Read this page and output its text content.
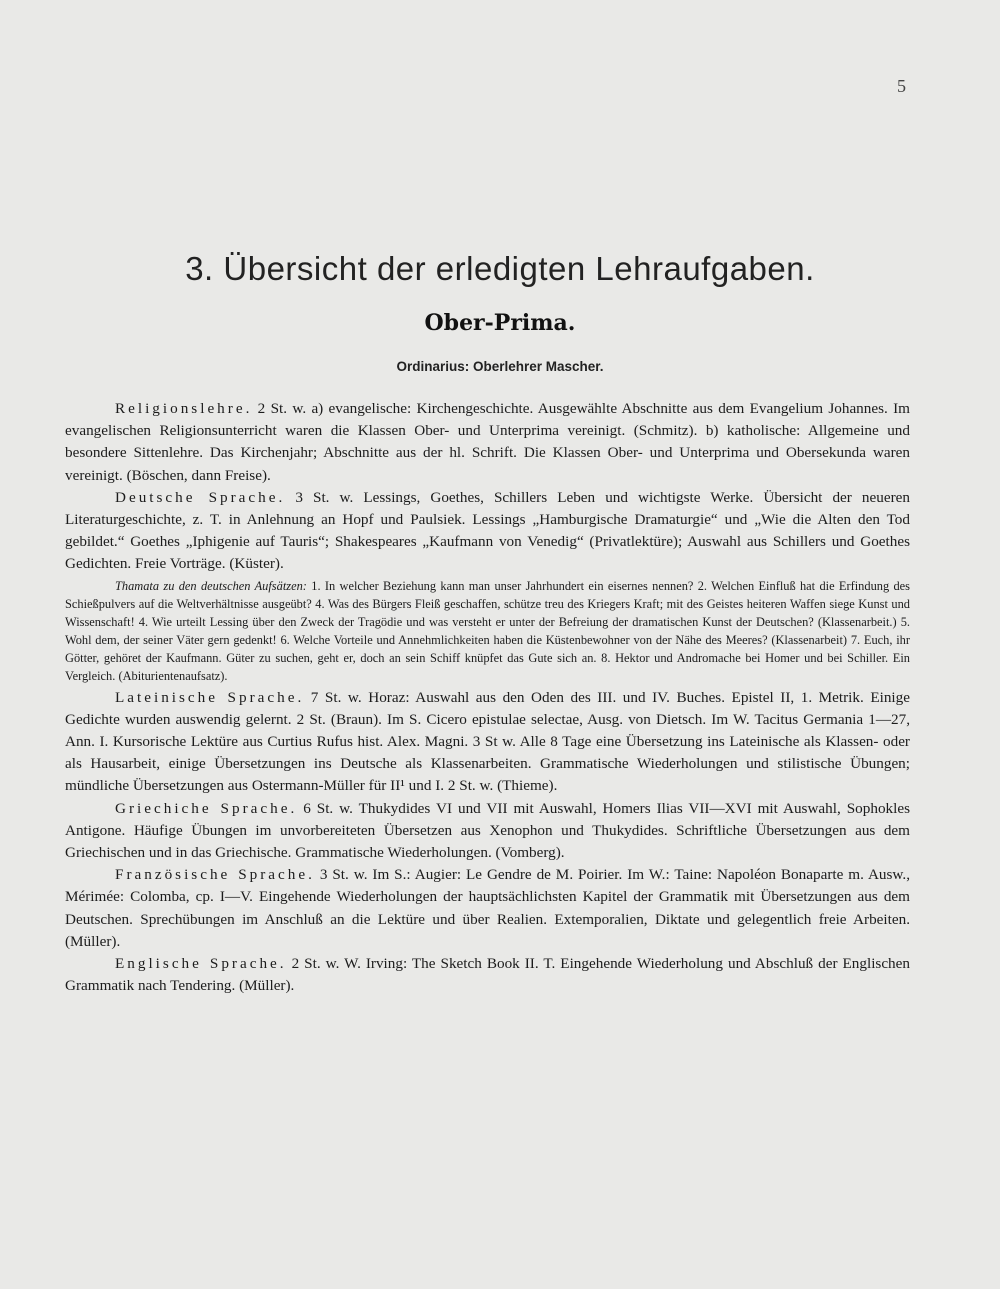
5
3. Übersicht der erledigten Lehraufgaben.
Ober-Prima.
Ordinarius: Oberlehrer Mascher.

Religionslehre. 2 St. w. a) evangelische: Kirchengeschichte. Ausgewählte Abschnitte aus dem Evangelium Johannes. Im evangelischen Religionsunterricht waren die Klassen Ober- und Unterprima vereinigt. (Schmitz). b) katholische: Allgemeine und besondere Sittenlehre. Das Kirchenjahr; Abschnitte aus der hl. Schrift. Die Klassen Ober- und Unterprima und Obersekunda waren vereinigt. (Böschen, dann Freise).

Deutsche Sprache. 3 St. w. Lessings, Goethes, Schillers Leben und wichtigste Werke. Übersicht der neueren Literaturgeschichte, z. T. in Anlehnung an Hopf und Paulsiek. Lessings „Hamburgische Dramaturgie“ und „Wie die Alten den Tod gebildet.“ Goethes „Iphigenie auf Tauris“; Shakespeares „Kaufmann von Venedig“ (Privatlektüre); Auswahl aus Schillers und Goethes Gedichten. Freie Vorträge. (Küster).

Thamata zu den deutschen Aufsätzen: 1. In welcher Beziehung kann man unser Jahrhundert ein eisernes nennen? 2. Welchen Einfluß hat die Erfindung des Schießpulvers auf die Weltverhältnisse ausgeübt? 4. Was des Bürgers Fleiß geschaffen, schütze treu des Kriegers Kraft; mit des Geistes heiteren Waffen siege Kunst und Wissenschaft! 4. Wie urteilt Lessing über den Zweck der Tragödie und was versteht er unter der Befreiung der dramatischen Kunst der Deutschen? (Klassenarbeit.) 5. Wohl dem, der seiner Väter gern gedenkt! 6. Welche Vorteile und Annehmlichkeiten haben die Küstenbewohner von der Nähe des Meeres? (Klassenarbeit) 7. Euch, ihr Götter, gehöret der Kaufmann. Güter zu suchen, geht er, doch an sein Schiff knüpfet das Gute sich an. 8. Hektor und Andromache bei Homer und bei Schiller. Ein Vergleich. (Abiturientenaufsatz).

Lateinische Sprache. 7 St. w. Horaz: Auswahl aus den Oden des III. und IV. Buches. Epistel II, 1. Metrik. Einige Gedichte wurden auswendig gelernt. 2 St. (Braun). Im S. Cicero epistulae selectae, Ausg. von Dietsch. Im W. Tacitus Germania 1—27, Ann. I. Kursorische Lektüre aus Curtius Rufus hist. Alex. Magni. 3 St w. Alle 8 Tage eine Übersetzung ins Lateinische als Klassen- oder als Hausarbeit, einige Übersetzungen ins Deutsche als Klassenarbeiten. Grammatische Wiederholungen und stilistische Übungen; mündliche Übersetzungen aus Ostermann-Müller für II¹ und I. 2 St. w. (Thieme).

Griechiche Sprache. 6 St. w. Thukydides VI und VII mit Auswahl, Homers Ilias VII—XVI mit Auswahl, Sophokles Antigone. Häufige Übungen im unvorbereiteten Übersetzen aus Xenophon und Thukydides. Schriftliche Übersetzungen aus dem Griechischen und in das Griechische. Grammatische Wiederholungen. (Vomberg).

Französische Sprache. 3 St. w. Im S.: Augier: Le Gendre de M. Poirier. Im W.: Taine: Napoléon Bonaparte m. Ausw., Mérimée: Colomba, cp. I—V. Eingehende Wiederholungen der hauptsächlichsten Kapitel der Grammatik mit Übersetzungen aus dem Deutschen. Sprechübungen im Anschluß an die Lektüre und über Realien. Extemporalien, Diktate und gelegentlich freie Arbeiten. (Müller).

Englische Sprache. 2 St. w. W. Irving: The Sketch Book II. T. Eingehende Wiederholung und Abschluß der Englischen Grammatik nach Tendering. (Müller).
